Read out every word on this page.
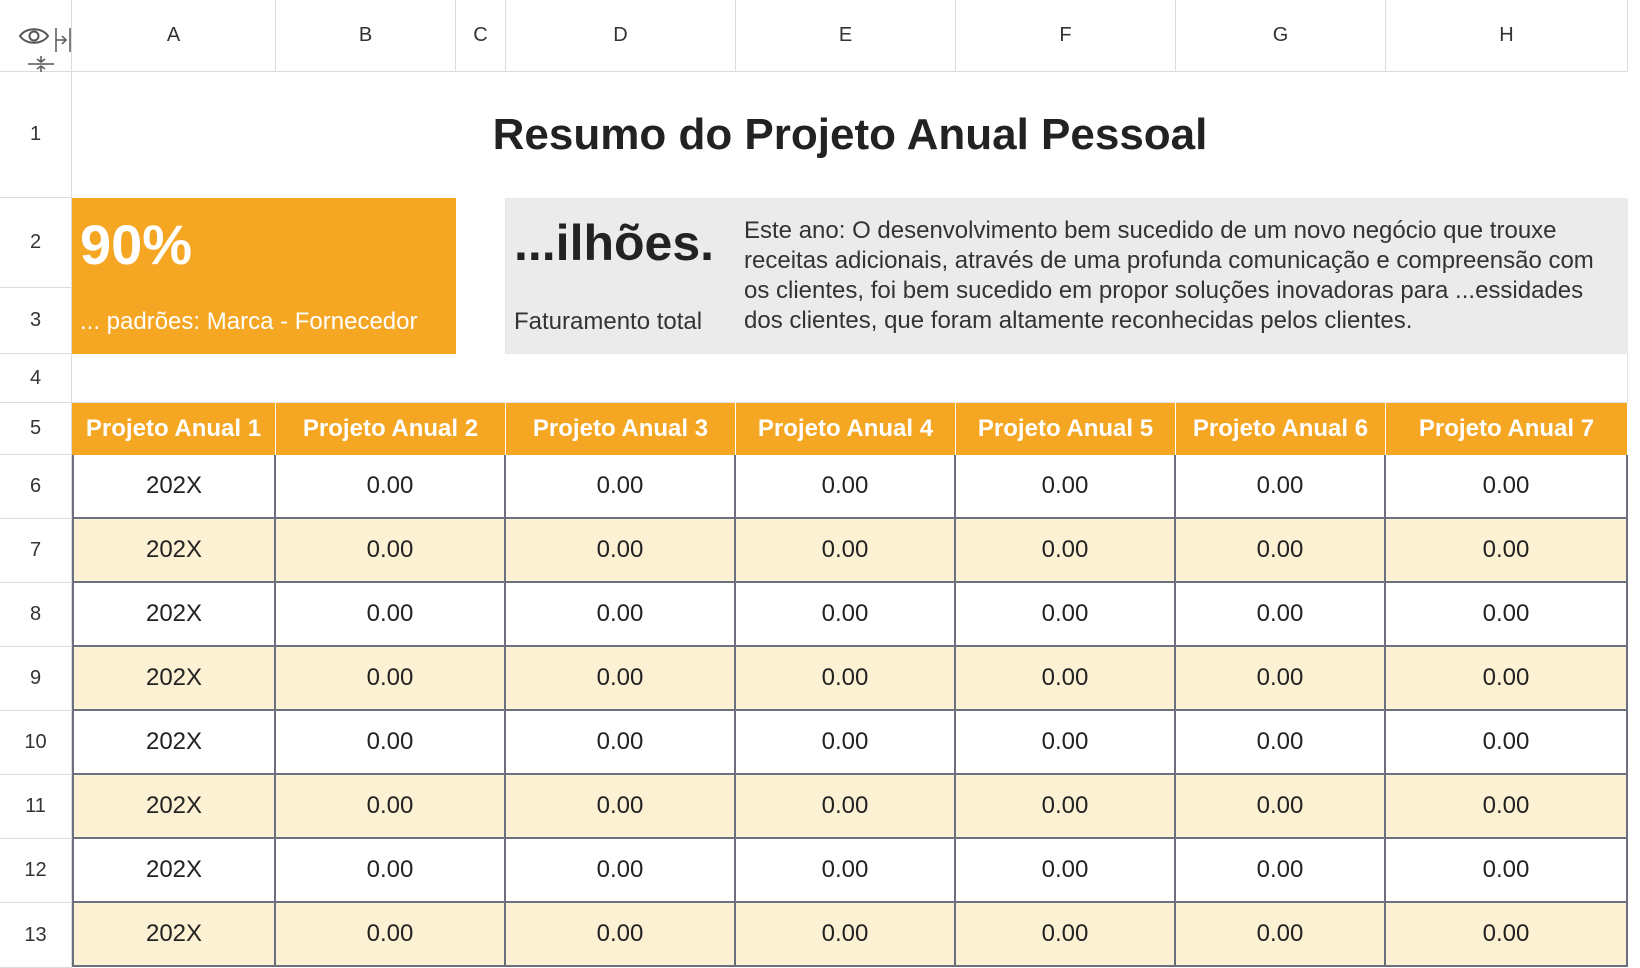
A	B	C	D	E	F	G	H
1
2
3
4
5
6
7
8
9
10
11
12
13
Resumo do Projeto Anual Pessoal
90%
... padrões: Marca - Fornecedor
...ilhões.
Faturamento total
Este ano: O desenvolvimento bem sucedido de um novo negócio que trouxe receitas adicionais, através de uma profunda comunicação e compreensão com os clientes, foi bem sucedido em propor soluções inovadoras para ...essidades dos clientes, que foram altamente reconhecidas pelos clientes.
Projeto Anual 1	Projeto Anual 2	Projeto Anual 3	Projeto Anual 4	Projeto Anual 5	Projeto Anual 6	Projeto Anual 7
202X	0.00	0.00	0.00	0.00	0.00	0.00
202X	0.00	0.00	0.00	0.00	0.00	0.00
202X	0.00	0.00	0.00	0.00	0.00	0.00
202X	0.00	0.00	0.00	0.00	0.00	0.00
202X	0.00	0.00	0.00	0.00	0.00	0.00
202X	0.00	0.00	0.00	0.00	0.00	0.00
202X	0.00	0.00	0.00	0.00	0.00	0.00
202X	0.00	0.00	0.00	0.00	0.00	0.00
